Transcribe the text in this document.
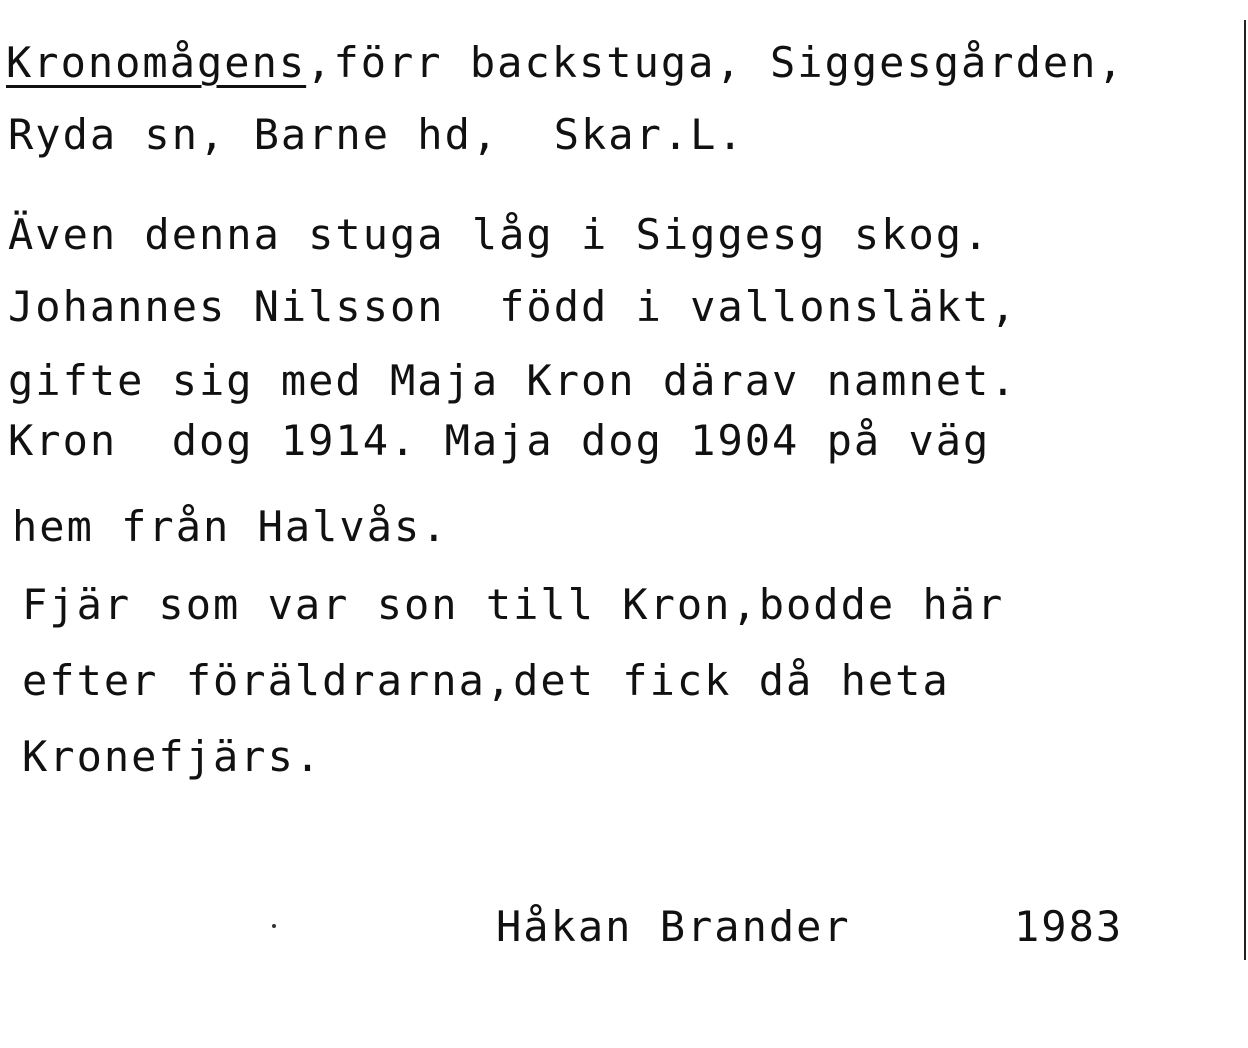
Kronomågens,förr backstuga, Siggesgården,
Ryda sn, Barne hd,  Skar.L.
Även denna stuga låg i Siggesg skog.
Johannes Nilsson  född i vallonsläkt,
gifte sig med Maja Kron därav namnet.
Kron  dog 1914. Maja dog 1904 på väg
hem från Halvås.
Fjär som var son till Kron,bodde här
efter föräldrarna,det fick då heta
Kronefjärs.
Håkan Brander	1983
